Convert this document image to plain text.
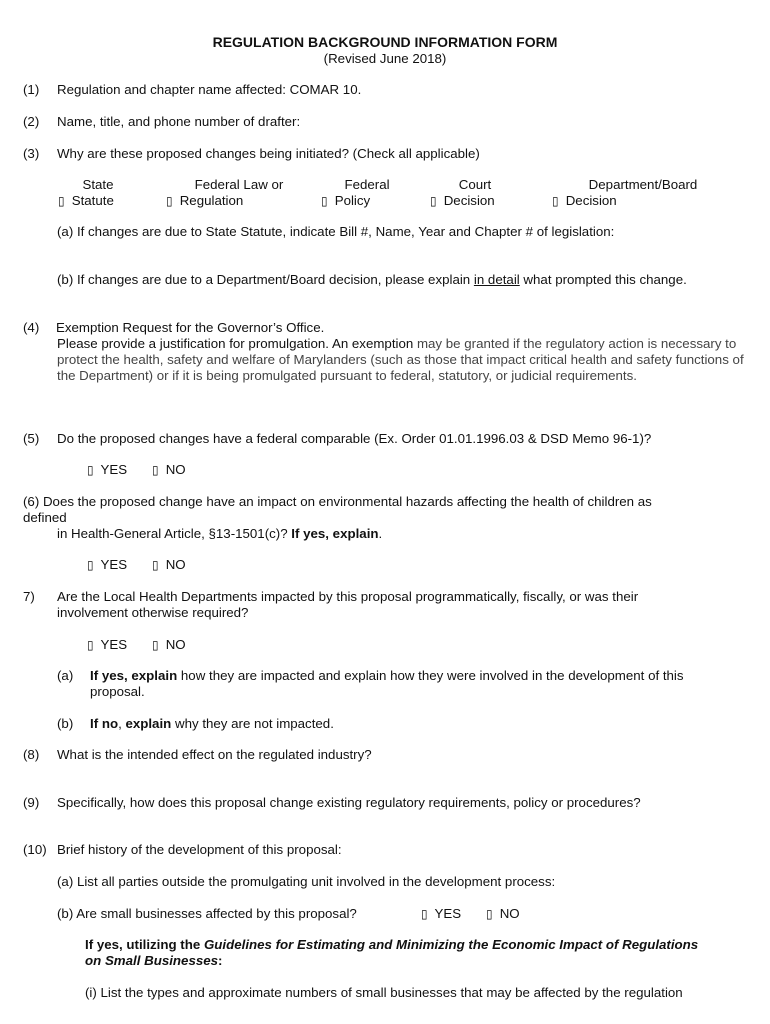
REGULATION BACKGROUND INFORMATION FORM
(Revised June 2018)
(1) Regulation and chapter name affected: COMAR 10.
(2) Name, title, and phone number of drafter:
(3) Why are these proposed changes being initiated? (Check all applicable)
State
▯ Statute
Federal Law or
▯ Regulation
Federal
▯ Policy
Court
▯ Decision
Department/Board
▯ Decision
(a) If changes are due to State Statute, indicate Bill #, Name, Year and Chapter # of legislation:
(b) If changes are due to a Department/Board decision, please explain in detail what prompted this change.
(4) Exemption Request for the Governor’s Office.
Please provide a justification for promulgation. An exemption may be granted if the regulatory action is necessary to protect the health, safety and welfare of Marylanders (such as those that impact critical health and safety functions of the Department) or if it is being promulgated pursuant to federal, statutory, or judicial requirements.
(5) Do the proposed changes have a federal comparable (Ex. Order 01.01.1996.03 & DSD Memo 96-1)?
▯ YES ▯ NO
(6) Does the proposed change have an impact on environmental hazards affecting the health of children as
defined
in Health-General Article, §13-1501(c)? If yes, explain.
▯ YES ▯ NO
7) Are the Local Health Departments impacted by this proposal programmatically, fiscally, or was their
involvement otherwise required?
▯ YES ▯ NO
(a) If yes, explain how they are impacted and explain how they were involved in the development of this
proposal.
(b) If no, explain why they are not impacted.
(8) What is the intended effect on the regulated industry?
(9) Specifically, how does this proposal change existing regulatory requirements, policy or procedures?
(10) Brief history of the development of this proposal:
(a) List all parties outside the promulgating unit involved in the development process:
(b) Are small businesses affected by this proposal?	▯ YES ▯ NO
If yes, utilizing the Guidelines for Estimating and Minimizing the Economic Impact of Regulations
on Small Businesses:
(i) List the types and approximate numbers of small businesses that may be affected by the regulation
